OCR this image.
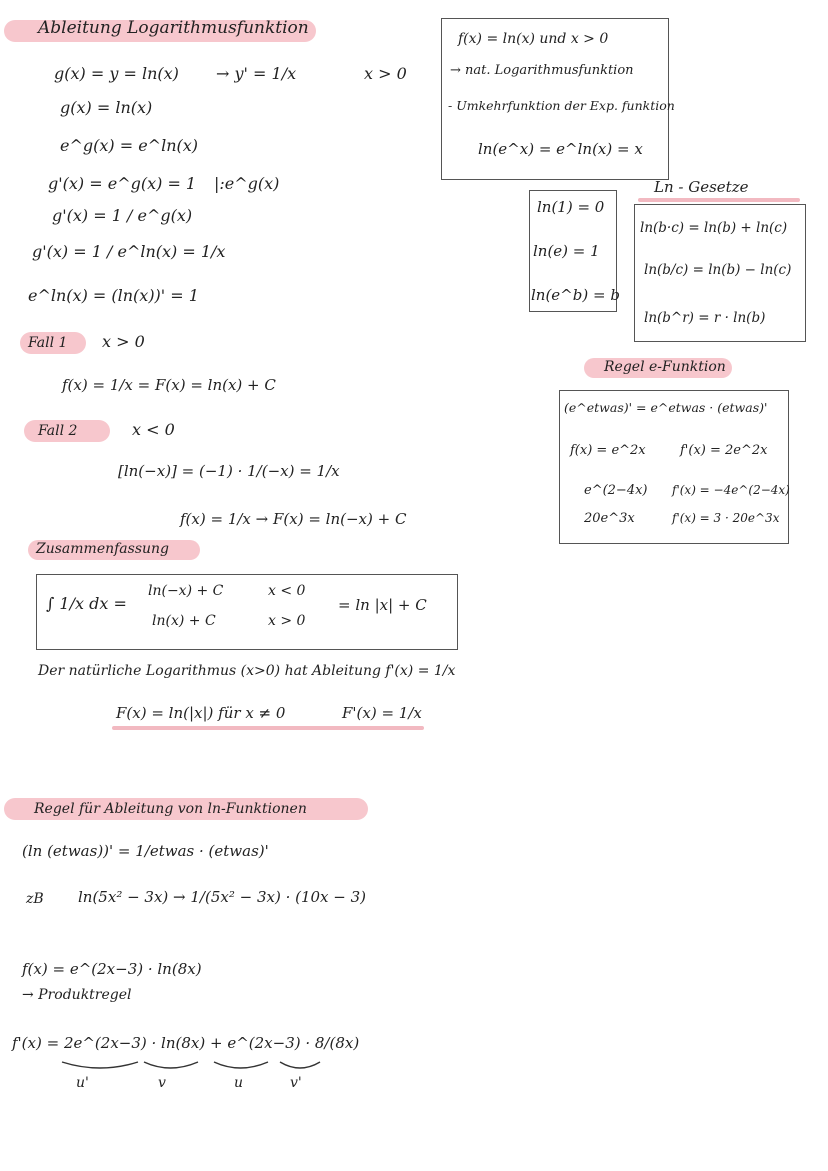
Ableitung Logarithmusfunktion
g(x) = y = ln(x) → y' = 1/x	x > 0
g(x) = ln(x)
e^g(x) = e^ln(x)
g'(x) = e^g(x) = 1 |:e^g(x)
g'(x) = 1 / e^g(x)
g'(x) = 1 / e^ln(x) = 1/x
e^ln(x) = (ln(x))' = 1
f(x) = ln(x) und x > 0
→ nat. Logarithmusfunktion
- Umkehrfunktion der Exp. funktion
ln(e^x) = e^ln(x) = x
ln(1) = 0
ln(e) = 1
ln(e^b) = b
Ln - Gesetze
ln(b·c) = ln(b) + ln(c)
ln(b/c) = ln(b) − ln(c)
ln(b^r) = r · ln(b)
Fall 1 x > 0
f(x) = 1/x = F(x) = ln(x) + C
Fall 2	x < 0
[ln(−x)] = (−1) · 1/(−x) = 1/x
f(x) = 1/x → F(x) = ln(−x) + C
Zusammenfassung
∫ 1/x dx =
ln(−x) + C	x < 0
ln(x) + C	x > 0
= ln |x| + C
Der natürliche Logarithmus (x>0) hat Ableitung f'(x) = 1/x
F(x) = ln(|x|) für x ≠ 0	F'(x) = 1/x
Regel e-Funktion
(e^etwas)' = e^etwas · (etwas)'
f(x) = e^2x	f'(x) = 2e^2x
e^(2−4x) f'(x) = −4e^(2−4x)
20e^3x	f'(x) = 3 · 20e^3x
Regel für Ableitung von ln-Funktionen
(ln (etwas))' = 1/etwas · (etwas)'
zB ln(5x² − 3x) → 1/(5x² − 3x) · (10x − 3)
f(x) = e^(2x−3) · ln(8x)
→ Produktregel
f'(x) = 2e^(2x−3) · ln(8x) + e^(2x−3) · 8/(8x)
u'	v	u	v'
